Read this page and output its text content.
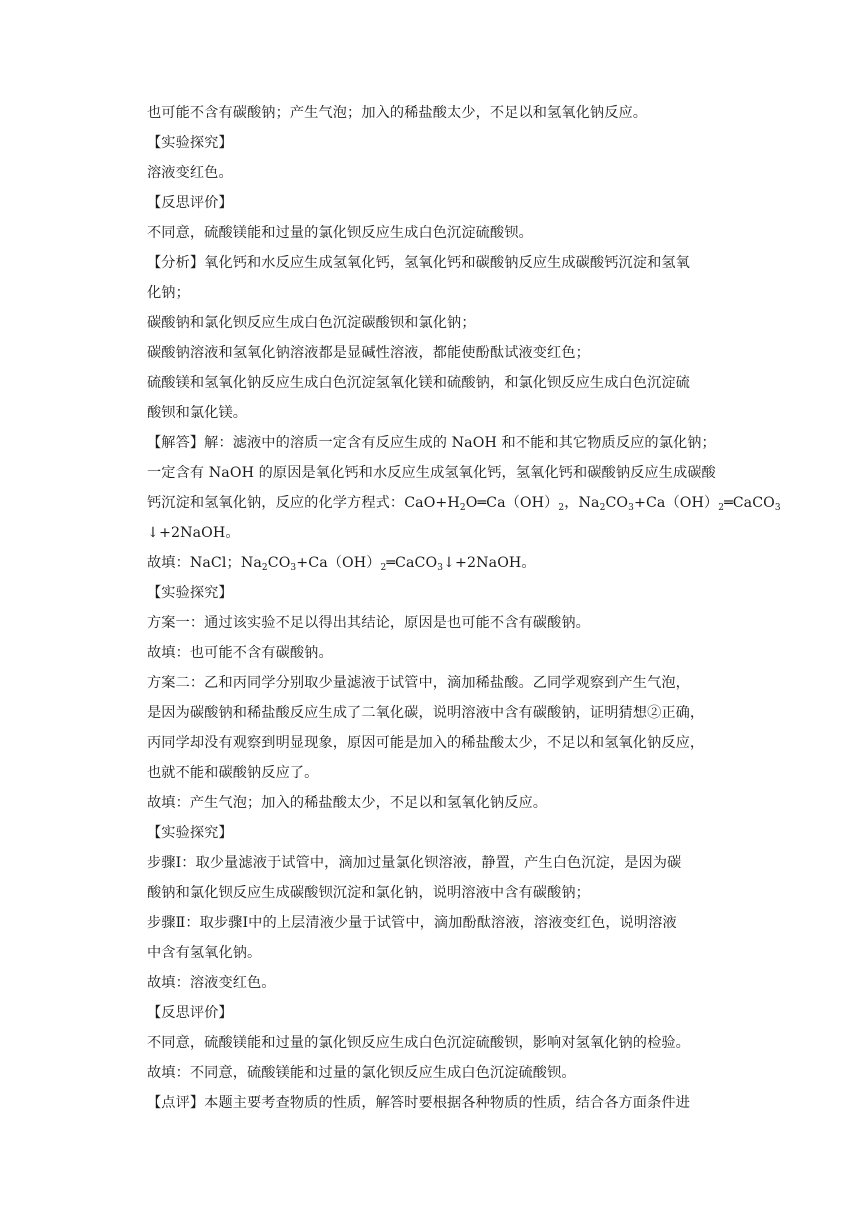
也可能不含有碳酸钠；产生气泡；加入的稀盐酸太少，不足以和氢氧化钠反应。
【实验探究】
溶液变红色。
【反思评价】
不同意，硫酸镁能和过量的氯化钡反应生成白色沉淀硫酸钡。
【分析】氧化钙和水反应生成氢氧化钙，氢氧化钙和碳酸钠反应生成碳酸钙沉淀和氢氧
化钠；
碳酸钠和氯化钡反应生成白色沉淀碳酸钡和氯化钠；
碳酸钠溶液和氢氧化钠溶液都是显碱性溶液，都能使酚酞试液变红色；
硫酸镁和氢氧化钠反应生成白色沉淀氢氧化镁和硫酸钠，和氯化钡反应生成白色沉淀硫
酸钡和氯化镁。
【解答】解：滤液中的溶质一定含有反应生成的 NaOH 和不能和其它物质反应的氯化钠；
一定含有 NaOH 的原因是氧化钙和水反应生成氢氧化钙，氢氧化钙和碳酸钠反应生成碳酸
钙沉淀和氢氧化钠，反应的化学方程式：$CaO+H_2O═Ca(OH)_2$，$Na_2CO_3+Ca(OH)_2═CaCO_3$
↓+2NaOH。
故填：NaCl；$Na_2CO_3+Ca(OH)_2═CaCO_3↓+2NaOH$。
【实验探究】
方案一：通过该实验不足以得出其结论，原因是也可能不含有碳酸钠。
故填：也可能不含有碳酸钠。
方案二：乙和丙同学分别取少量滤液于试管中，滴加稀盐酸。乙同学观察到产生气泡，
是因为碳酸钠和稀盐酸反应生成了二氧化碳，说明溶液中含有碳酸钠，证明猜想②正确，
丙同学却没有观察到明显现象，原因可能是加入的稀盐酸太少，不足以和氢氧化钠反应，
也就不能和碳酸钠反应了。
故填：产生气泡；加入的稀盐酸太少，不足以和氢氧化钠反应。
【实验探究】
步骤Ⅰ：取少量滤液于试管中，滴加过量氯化钡溶液，静置，产生白色沉淀，是因为碳
酸钠和氯化钡反应生成碳酸钡沉淀和氯化钠，说明溶液中含有碳酸钠；
步骤Ⅱ：取步骤Ⅰ中的上层清液少量于试管中，滴加酚酞溶液，溶液变红色，说明溶液
中含有氢氧化钠。
故填：溶液变红色。
【反思评价】
不同意，硫酸镁能和过量的氯化钡反应生成白色沉淀硫酸钡，影响对氢氧化钠的检验。
故填：不同意，硫酸镁能和过量的氯化钡反应生成白色沉淀硫酸钡。
【点评】本题主要考查物质的性质，解答时要根据各种物质的性质，结合各方面条件进
